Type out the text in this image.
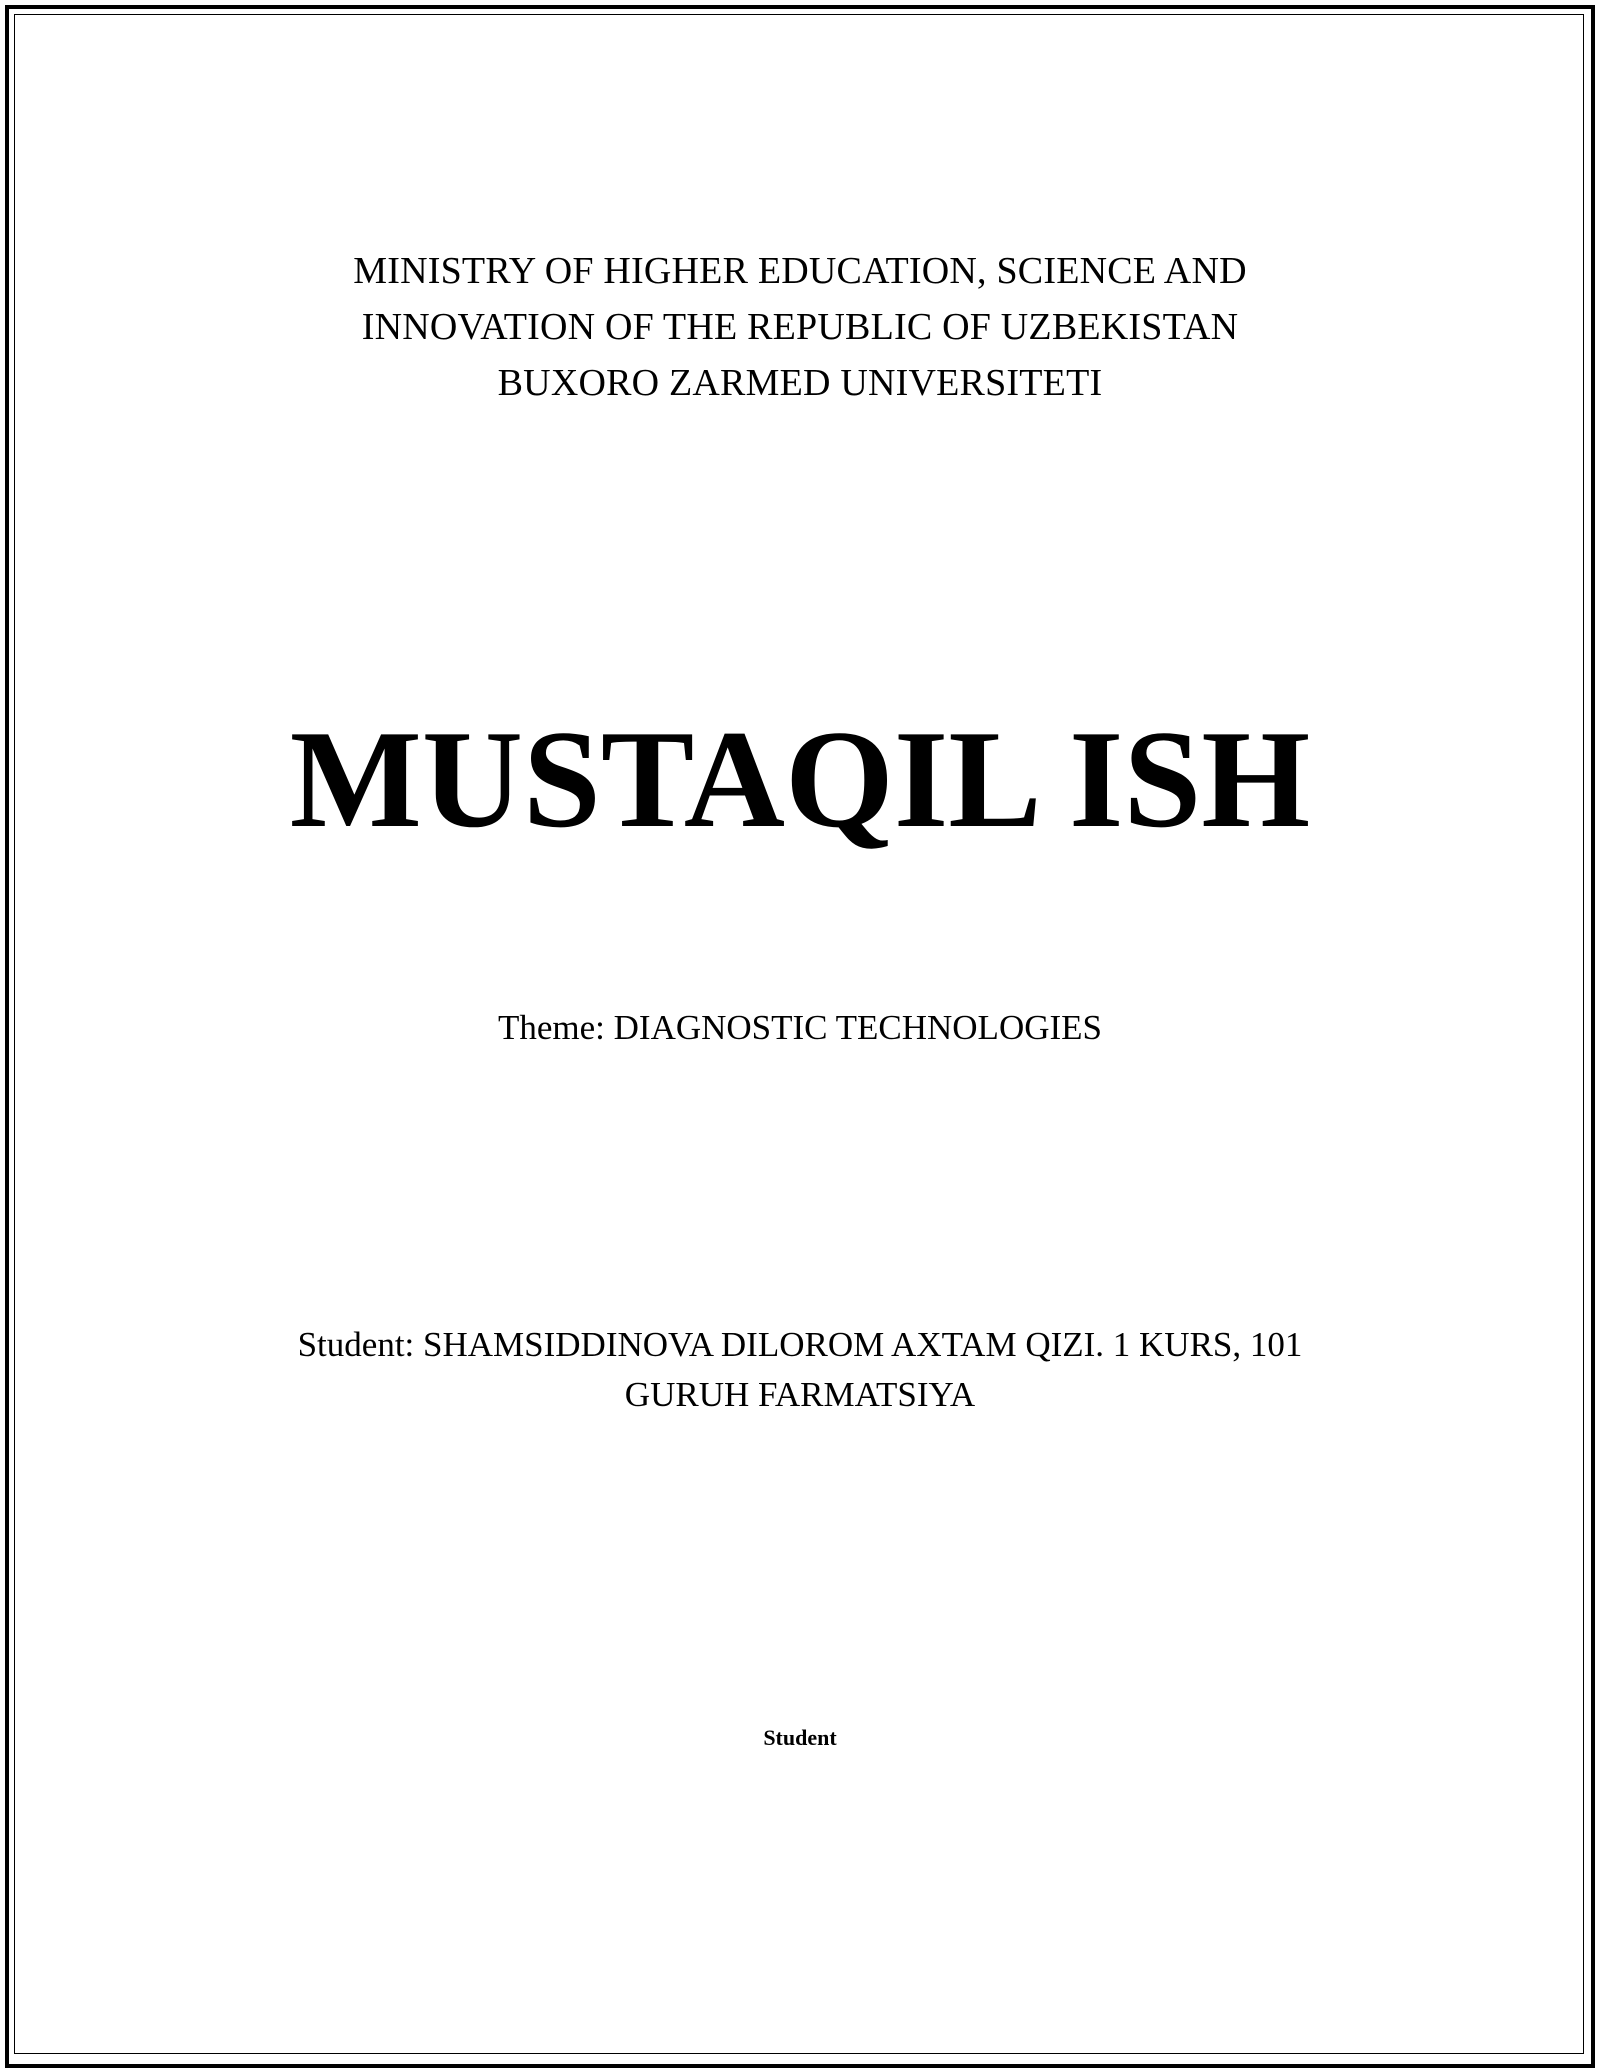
MINISTRY OF HIGHER EDUCATION, SCIENCE AND
INNOVATION OF THE REPUBLIC OF UZBEKISTAN
BUXORO ZARMED UNIVERSITETI
MUSTAQIL ISH
Theme: DIAGNOSTIC TECHNOLOGIES
Student: SHAMSIDDINOVA DILOROM AXTAM QIZI. 1 KURS, 101
GURUH FARMATSIYA
Student
